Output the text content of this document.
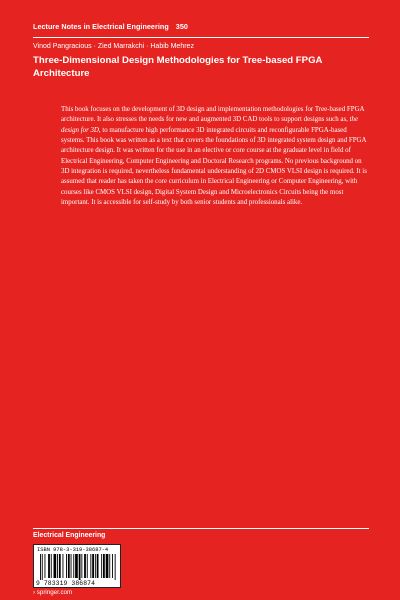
Lecture Notes in Electrical Engineering 350
Vinod Pangracious · Zied Marrakchi · Habib Mehrez
Three-Dimensional Design Methodologies for Tree-based FPGA
Architecture
This book focuses on the development of 3D design and implementation methodologies for Tree-based FPGA architecture. It also stresses the needs for new and augmented 3D CAD tools to support designs such as, the design for 3D, to manufacture high performance 3D integrated circuits and reconfigurable FPGA-based systems. This book was written as a text that covers the foundations of 3D integrated system design and FPGA architecture design. It was written for the use in an elective or core course at the graduate level in field of Electrical Engineering, Computer Engineering and Doctoral Research programs. No previous background on 3D integration is required, nevertheless fundamental understanding of 2D CMOS VLSI design is required. It is assumed that reader has taken the core curriculum in Electrical Engineering or Computer Engineering, with courses like CMOS VLSI design, Digital System Design and Microelectronics Circuits being the most important. It is accessible for self-study by both senior students and professionals alike.
Electrical Engineering
ISBN 978-3-319-38687-4
9 783319 386874
› springer.com
